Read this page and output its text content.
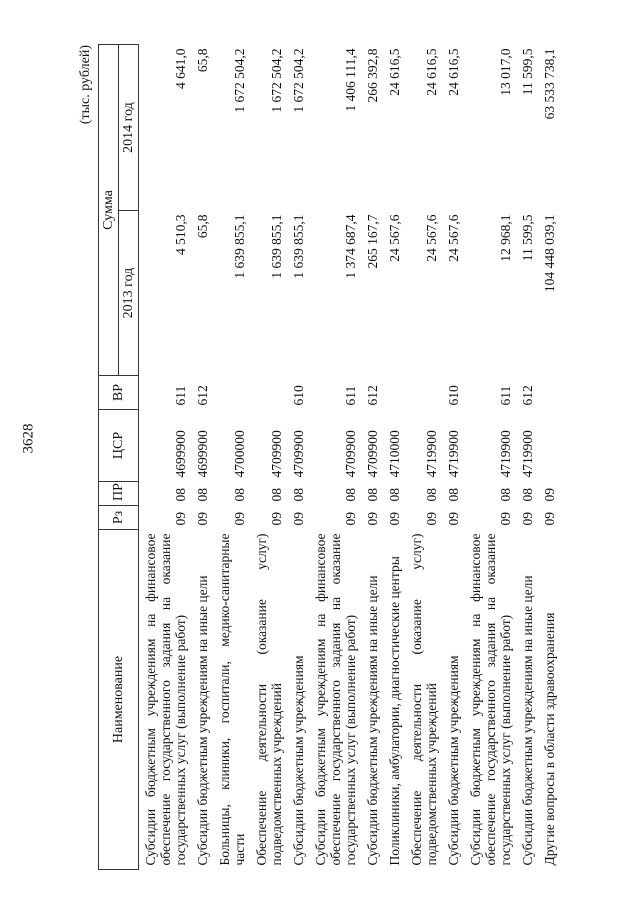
3628
(тыс. рублей)
Наименование	Рз	ПР	ЦСР	ВР	Сумма	
					2013 год	2014 год
Субсидии бюджетным учреждениям на финансовое обеспечение государственного задания на оказание государственных услуг (выполнение работ)	09	08	4699900	611	4 510,3	4 641,0
Субсидии бюджетным учреждениям на иные цели	09	08	4699900	612	65,8	65,8
Больницы, клиники, госпитали, медико-санитарные части	09	08	4700000		1 639 855,1	1 672 504,2
Обеспечение деятельности (оказание услуг) подведомственных учреждений	09	08	4709900		1 639 855,1	1 672 504,2
Субсидии бюджетным учреждениям	09	08	4709900	610	1 639 855,1	1 672 504,2
Субсидии бюджетным учреждениям на финансовое обеспечение государственного задания на оказание государственных услуг (выполнение работ)	09	08	4709900	611	1 374 687,4	1 406 111,4
Субсидии бюджетным учреждениям на иные цели	09	08	4709900	612	265 167,7	266 392,8
Поликлиники, амбулатории, диагностические центры	09	08	4710000		24 567,6	24 616,5
Обеспечение деятельности (оказание услуг) подведомственных учреждений	09	08	4719900		24 567,6	24 616,5
Субсидии бюджетным учреждениям	09	08	4719900	610	24 567,6	24 616,5
Субсидии бюджетным учреждениям на финансовое обеспечение государственного задания на оказание государственных услуг (выполнение работ)	09	08	4719900	611	12 968,1	13 017,0
Субсидии бюджетным учреждениям на иные цели	09	08	4719900	612	11 599,5	11 599,5
Другие вопросы в области здравоохранения	09	09			104 448 039,1	63 533 738,1
